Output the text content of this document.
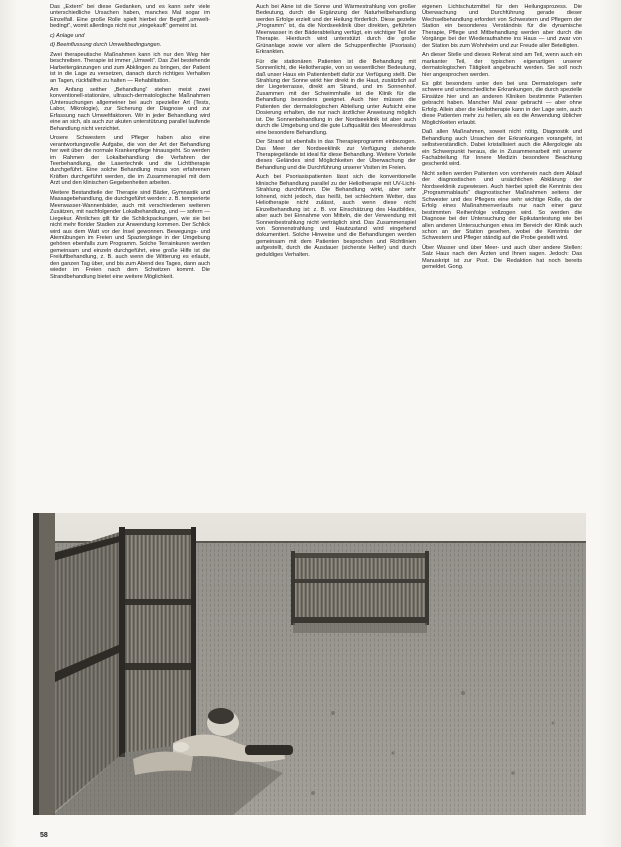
Das „Extern“ bei diese Gedanken, und es kann sehr viele unterschiedliche Ursachen haben, manches Mal sogar im Einzelfall. Eine große Rolle spielt hierbei der Begriff „umwelt-bedingt“, womit allerdings nicht nur „eingekauft“ gemeint ist.

c) Anlage und

d) Beeinflussung durch Umweltbedingungen.

Zwei therapeutische Maßnahmen kann ich nur den Weg hier beschreiben. Therapie ist immer „Umwelt“. Das Ziel bestehende Harbeitergänzungen und zum Abklingen zu bringen, der Patient ist in die Lage zu versetzen, danach durch richtiges Verhalten an Tagen, rückfallfrei zu halten — Rehabilitation.

Am Anfang seither „Behandlung“ stehen meist zwei konventionell-stationäre, ultrasch-dermatologische Maßnahmen (Untersuchungen allgemeiner bei auch spezieller Art (Tests, Labor, Mikrologie), zur Sicherung der Diagnose und zur Erfassung nach Umweltfaktoren. Wir in jeder Behandlung wird eine an sich, als auch zur akuten unterstützung parallel laufende Behandlung nicht verzichtet.

Unsere Schwestern und Pfleger haben also eine verantwortungsvolle Aufgabe, die von der Art der Behandlung her weit über die normale Krankenpflege hinausgeht. So werden im Rahmen der Lokalbehandlung die Verfahren der Teerbehandlung, die Lasertechnik und die Lichttherapie durchgeführt. Eine solche Behandlung muss von erfahrenen Kräften durchgeführt werden, die im Zusammenspiel mit dem Arzt und den klinischen Gegebenheiten arbeiten.

Weitere Bestandteile der Therapie sind Bäder, Gymnastik und Massagebehandlung, die durchgeführt werden: z. B. temperierte Meerwasser-Wannenbäder, auch mit verschiedenen weiteren Zusätzen, mit nachfolgender Lokalbehandlung, und — sofern — Liegekur. Ähnliches gilt für die Schlickpackungen, wie sie bei nicht mehr florider Stadien zur Anwendung kommen. Der Schlick wird aus dem Watt vor der Insel gewonnen. Bewegungs- und Atemübungen im Freien und Spaziergänge in der Umgebung gehören ebenfalls zum Programm. Solche Terrainkuren werden gemeinsam und einzeln durchgeführt, eine große Hilfe ist die Freiluftbehandlung, z. B. auch wenn die Witterung es erlaubt, den ganzen Tag über, und bis zum Abend des Tages, dann auch wieder im Freien nach dem Schwitzen kommt. Die Strandbehandlung bietet eine weitere Möglichkeit.

Auch bei Akne ist die Sonne und Wärmestrahlung von großer Bedeutung, durch die Ergänzung der Naturheilbehandlung werden Erfolge erzielt und der Heilung förderlich. Diese gezielte „Programm“ ist, da die Nordseeklinik über direkten, geführten Meerwasser in der Bäderabteilung verfügt, ein wichtiger Teil der Therapie. Hierdurch wird unterstützt durch die große Grünanlage sowie vor allem die Schuppenflechte (Psoriasis) Erkrankten.

Für die stationären Patienten ist die Behandlung mit Sonnenlicht, die Heliotherapie, von so wesentlicher Bedeutung, daß unser Haus ein Patientenbett dafür zur Verfügung stellt. Die Strahlung der Sonne wirkt hier direkt in die Haut, zusätzlich auf der Liegeterrasse, direkt am Strand, und im Sonnenhof. Zusammen mit der Schwimmhalle ist die Klinik für die Behandlung besonders geeignet. Auch hier müssen die Patienten der dermatologischen Abteilung unter Aufsicht eine Dosierung erhalten, die nur nach ärztlicher Anweisung möglich ist. Die Sonnenbehandlung in der Nordseeklinik ist aber auch durch die Umgebung und die gute Luftqualität des Meeresklimas eine besondere Behandlung.

Der Strand ist ebenfalls in das Therapieprogramm einbezogen. Das Meer der Nordseeklinik zur Verfügung stehende Therapiegelände ist ideal für diese Behandlung. Weitere Vorteile dieses Geländes sind Möglichkeiten der Überwachung der Behandlung und die Durchführung unserer Visiten im Freien.

Auch bei Psoriasispatienten lässt sich die konventionelle klinische Behandlung parallel zu der Heliotherapie mit UV-Licht-Strahlung durchführen. Die Behandlung wirkt, aber sehr lohnend, nicht jedoch, das heißt, bei schlechtem Wetter, das Heliotherapie nicht zulässt, auch wenn diese nicht Einzelbehandlung ist: z. B. vor Einschätzung des Hautbildes, aber auch bei Einnahme von Mitteln, die der Verwendung mit Sonnenbestrahlung nicht verträglich sind. Das Zusammenspiel von Sonnenstrahlung und Hautzustand wird eingehend dokumentiert. Solche Hinweise und die Behandlungen werden gemeinsam mit dem Patienten besprochen und Richtlinien aufgestellt, durch die Ausdauer (sicherste Helfer) und durch geduldiges Verhalten.

eigenen Lichtschutzmittel für den Heilungsprozess. Die Überwachung und Durchführung gerade dieser Wechselbehandlung erfordert von Schwestern und Pflegern der Station ein besonderes Verständnis für die dynamische Therapie, Pflege und Mitbehandlung werden aber durch die Vorgänge bei der Wiederaufnahme ins Haus — und zwar von der Station bis zum Wohnheim und zur Freude aller Beteiligten.

An dieser Stelle und dieses Referat sind am Teil, wenn auch ein markanter Teil, der typischen eigenartigen unserer dermatologischen Tätigkeit angebracht werden. Sie soll noch hier angesprochen werden.

Es gibt besonders unter den bei uns Dermatologen sehr schwere und unterschiedliche Erkrankungen, die durch spezielle Einsätze hier und an anderen Kliniken bestimmte Patienten gebracht haben. Mancher Mal zwar gebracht — aber ohne Erfolg. Allein aber die Heliotherapie kann in der Lage sein, auch diese Patienten mehr zu heilen, als es die Anwendung üblicher Möglichkeiten erlaubt.

Daß allen Maßnahmen, soweit nicht nötig, Diagnostik und Behandlung auch Ursachen der Erkrankungen vorangeht, ist selbstverständlich. Dabei kristallisiert auch die Allergologie als ein Schwerpunkt heraus, die in Zusammenarbeit mit unserer Fachabteilung für Innere Medizin besondere Beachtung geschenkt wird.

Nicht selten werden Patienten von vornherein nach dem Ablauf der diagnostischen und ursächlichen Abklärung der Nordseeklinik zugewiesen. Auch hierbei spielt die Kenntnis des „Programmablaufs“ diagnostischer Maßnahmen seitens der Schwester und des Pflegers eine sehr wichtige Rolle, da der Erfolg eines Maßnahmenverlaufs nur nach einer ganz bestimmten Reihenfolge vollzogen wird. So werden die Diagnose bei der Untersuchung der Epikutantestung wie bei allen anderen Untersuchungen etwa im Bereich der Klinik auch schon an der Station gesehen, wobei die Kenntnis der Schwestern und Pfleger ständig auf die Probe gestellt wird.

Über Wasser und über Meer- und auch über andere Stellen: Salz Haus nach den Ärzten und Ihnen sagen. Jedoch: Das Manuskript ist zur Post. Die Redaktion hat noch bereits gemeldet. Gong.

58
